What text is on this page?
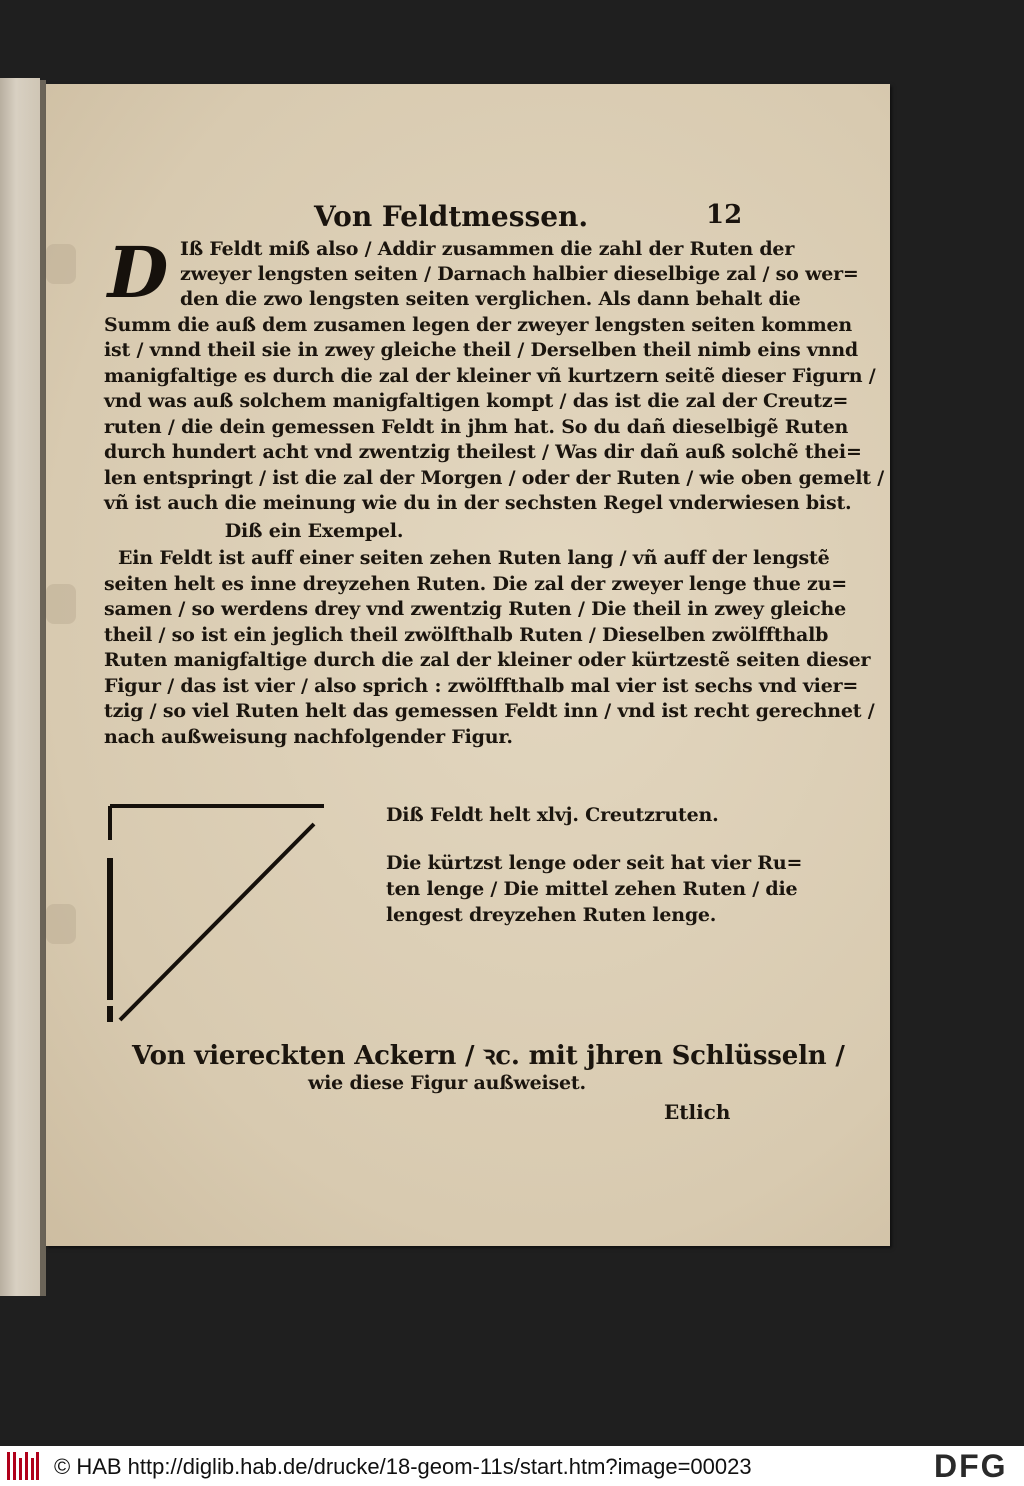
Von Feldtmessen.	12
D Iß Feldt miß also / Addir zusammen die zahl der Ruten der
zweyer lengsten seiten / Darnach halbier dieselbige zal / so wer=
den die zwo lengsten seiten verglichen. Als dann behalt die
Summ die auß dem zusamen legen der zweyer lengsten seiten kommen
ist / vnnd theil sie in zwey gleiche theil / Derselben theil nimb eins vnnd
manigfaltige es durch die zal der kleiner vñ kurtzern seitẽ dieser Figurn /
vnd was auß solchem manigfaltigen kompt / das ist die zal der Creutz=
ruten / die dein gemessen Feldt in jhm hat. So du dañ dieselbigẽ Ruten
durch hundert acht vnd zwentzig theilest / Was dir dañ auß solchẽ thei=
len entspringt / ist die zal der Morgen / oder der Ruten / wie oben gemelt /
vñ ist auch die meinung wie du in der sechsten Regel vnderwiesen bist.
Diß ein Exempel.
Ein Feldt ist auff einer seiten zehen Ruten lang / vñ auff der lengstẽ
seiten helt es inne dreyzehen Ruten. Die zal der zweyer lenge thue zu=
samen / so werdens drey vnd zwentzig Ruten / Die theil in zwey gleiche
theil / so ist ein jeglich theil zwölfthalb Ruten / Dieselben zwölffthalb
Ruten manigfaltige durch die zal der kleiner oder kürtzestẽ seiten dieser
Figur / das ist vier / also sprich : zwölffthalb mal vier ist sechs vnd vier=
tzig / so viel Ruten helt das gemessen Feldt inn / vnd ist recht gerechnet /
nach außweisung nachfolgender Figur.
Diß Feldt helt xlvj. Creutzruten.
Die kürtzst lenge oder seit hat vier Ru=
ten lenge / Die mittel zehen Ruten / die
lengest dreyzehen Ruten lenge.
Von viereckten Ackern / ꝛc. mit jhren Schlüsseln /
wie diese Figur außweiset.
Etlich
© HAB http://diglib.hab.de/drucke/18-geom-11s/start.htm?image=00023	DFG
